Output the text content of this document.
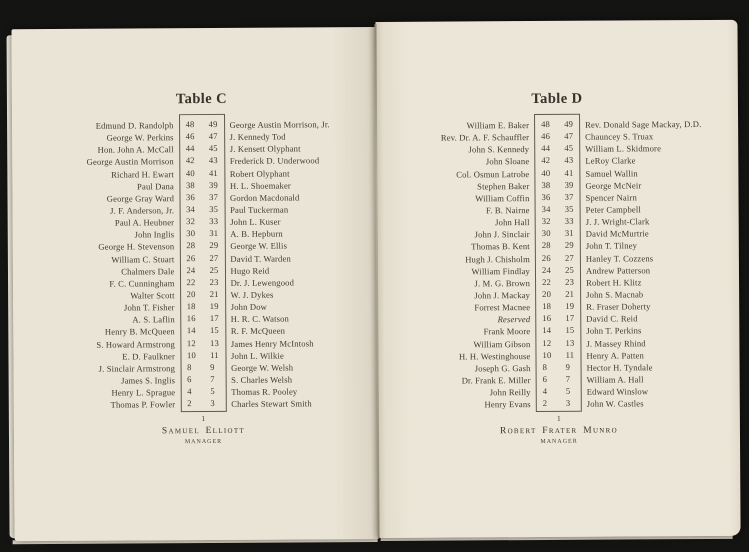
Table C
Edmund D. Randolph
George W. Perkins
Hon. John A. McCall
George Austin Morrison
Richard H. Ewart
Paul Dana
George Gray Ward
J. F. Anderson, Jr.
Paul A. Heubner
John Inglis
George H. Stevenson
William C. Stuart
Chalmers Dale
F. C. Cunningham
Walter Scott
John T. Fisher
A. S. Laflin
Henry B. McQueen
S. Howard Armstrong
E. D. Faulkner
J. Sinclair Armstrong
James S. Inglis
Henry L. Sprague
Thomas P. Fowler
48
46
44
42
40
38
36
34
32
30
28
26
24
22
20
18
16
14
12
10
8
6
4
2
49
47
45
43
41
39
37
35
33
31
29
27
25
23
21
19
17
15
13
11
9
7
5
3
George Austin Morrison, Jr.
J. Kennedy Tod
J. Kensett Olyphant
Frederick D. Underwood
Robert Olyphant
H. L. Shoemaker
Gordon Macdonald
Paul Tuckerman
John L. Kuser
A. B. Hepburn
George W. Ellis
David T. Warden
Hugo Reid
Dr. J. Lewengood
W. J. Dykes
John Dow
H. R. C. Watson
R. F. McQueen
James Henry McIntosh
John L. Wilkie
George W. Welsh
S. Charles Welsh
Thomas R. Pooley
Charles Stewart Smith
1
Samuel Elliott
MANAGER
Table D
William E. Baker
Rev. Dr. A. F. Schauffler
John S. Kennedy
John Sloane
Col. Osmun Latrobe
Stephen Baker
William Coffin
F. B. Nairne
John Hall
John J. Sinclair
Thomas B. Kent
Hugh J. Chisholm
William Findlay
J. M. G. Brown
John J. Mackay
Forrest Macnee
Reserved
Frank Moore
William Gibson
H. H. Westinghouse
Joseph G. Gash
Dr. Frank E. Miller
John Reilly
Henry Evans
48
46
44
42
40
38
36
34
32
30
28
26
24
22
20
18
16
14
12
10
8
6
4
2
49
47
45
43
41
39
37
35
33
31
29
27
25
23
21
19
17
15
13
11
9
7
5
3
Rev. Donald Sage Mackay, D.D.
Chauncey S. Truax
William L. Skidmore
LeRoy Clarke
Samuel Wallin
George McNeir
Spencer Nairn
Peter Campbell
J. J. Wright-Clark
David McMurtrie
John T. Tilney
Hanley T. Cozzens
Andrew Patterson
Robert H. Klitz
John S. Macnab
R. Fraser Doherty
David C. Reid
John T. Perkins
J. Massey Rhind
Henry A. Patten
Hector H. Tyndale
William A. Hall
Edward Winslow
John W. Castles
1
Robert Frater Munro
MANAGER
